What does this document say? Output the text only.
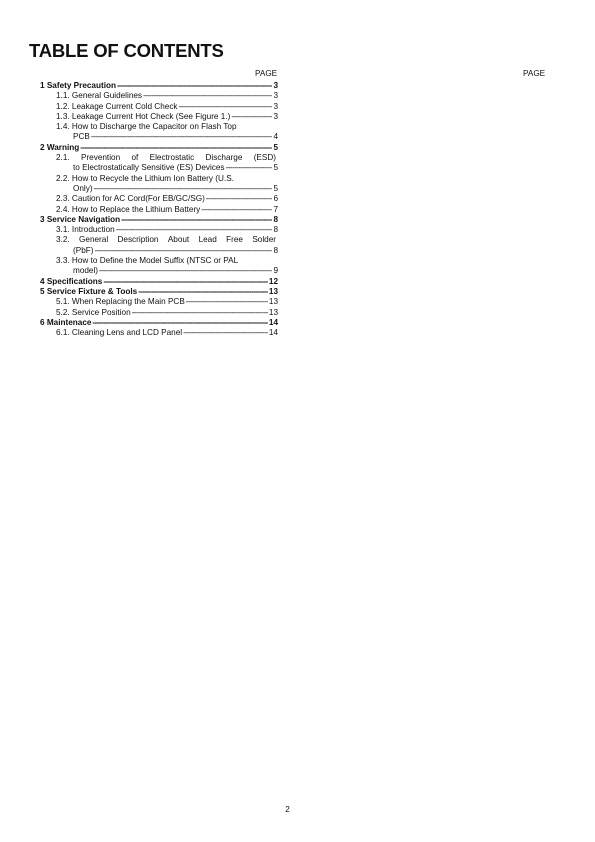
TABLE OF CONTENTS
PAGE	PAGE
1 Safety Precaution -----	3
1.1. General Guidelines -----	3
1.2. Leakage Current Cold Check -----	3
1.3. Leakage Current Hot Check (See Figure 1.) -----	3
1.4. How to Discharge the Capacitor on Flash Top
PCB -----	4
2 Warning -----	5
2.1. Prevention of Electrostatic Discharge (ESD)
to Electrostatically Sensitive (ES) Devices -----	5
2.2. How to Recycle the Lithium Ion Battery (U.S.
Only) -----	5
2.3. Caution for AC Cord(For EB/GC/SG) -----	6
2.4. How to Replace the Lithium Battery -----	7
3 Service Navigation -----	8
3.1. Introduction -----	8
3.2. General Description About Lead Free Solder
(PbF) -----	8
3.3. How to Define the Model Suffix (NTSC or PAL
model) -----	9
4 Specifications -----	12
5 Service Fixture & Tools -----	13
5.1. When Replacing the Main PCB -----	13
5.2. Service Position -----	13
6 Maintenace -----	14
6.1. Cleaning Lens and LCD Panel -----	14
2
